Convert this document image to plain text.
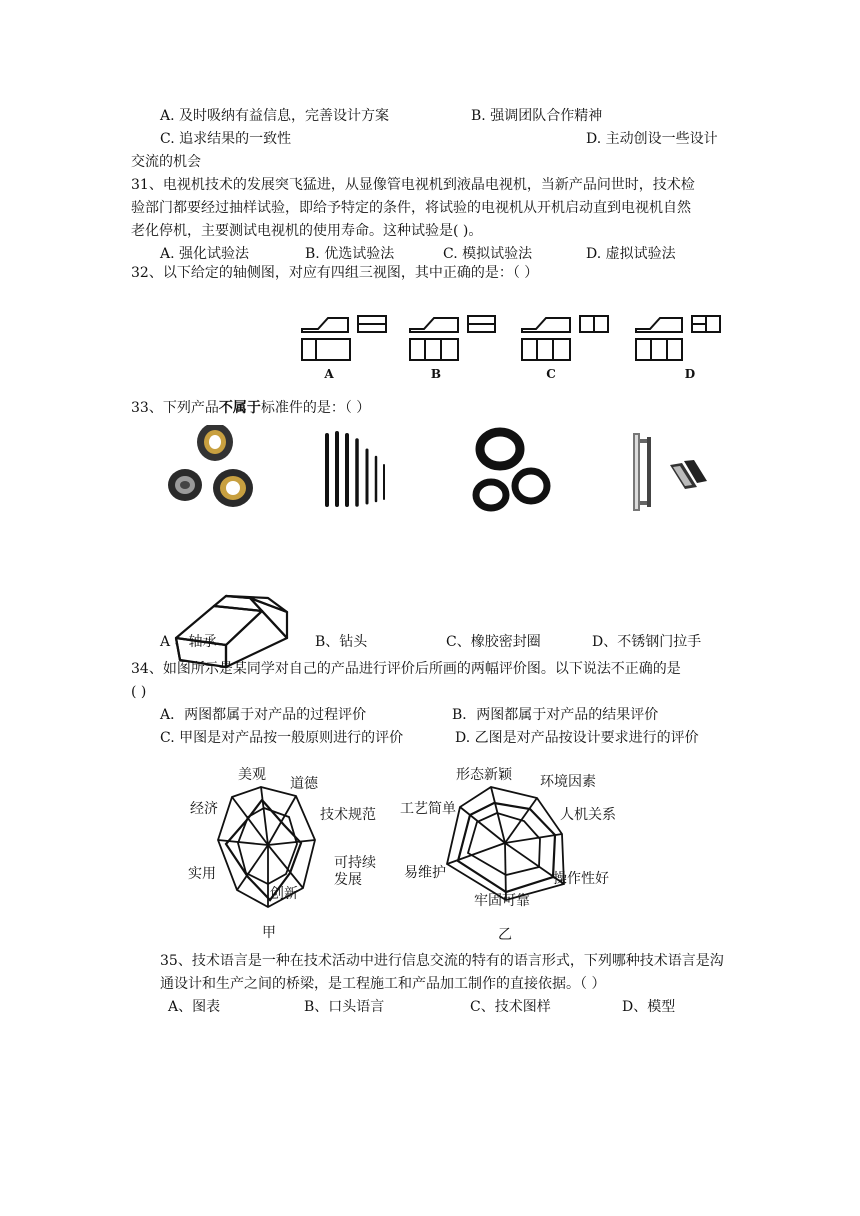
A. 及时吸纳有益信息，完善设计方案	B. 强调团队合作精神
C. 追求结果的一致性	D. 主动创设一些设计
交流的机会
31、电视机技术的发展突飞猛进，从显像管电视机到液晶电视机，当新产品问世时，技术检
验部门都要经过抽样试验，即给予特定的条件，将试验的电视机从开机启动直到电视机自然
老化停机，主要测试电视机的使用寿命。这种试验是( )。
A. 强化试验法	B. 优选试验法	C. 模拟试验法	D. 虚拟试验法
32、以下给定的轴侧图，对应有四组三视图，其中正确的是：（ ）
A	B	C	D
33、下列产品不属于标准件的是：（ ）
A 、轴承	B、钻头	C、橡胶密封圈	D、不锈钢门拉手
34、如图所示是某同学对自己的产品进行评价后所画的两幅评价图。以下说法不正确的是
( )
A．两图都属于对产品的过程评价	B．两图都属于对产品的结果评价
C. 甲图是对产品按一般原则进行的评价	D. 乙图是对产品按设计要求进行的评价
美观
道德
技术规范
可持续
发展
创新
实用
经济
甲
形态新颖 环境因素
人机关系
操作性好
牢固可靠
易维护
工艺简单
乙
35、技术语言是一种在技术活动中进行信息交流的特有的语言形式，下列哪种技术语言是沟
通设计和生产之间的桥梁，是工程施工和产品加工制作的直接依据。（ ）
A、图表	B、口头语言	C、技术图样	D、模型
